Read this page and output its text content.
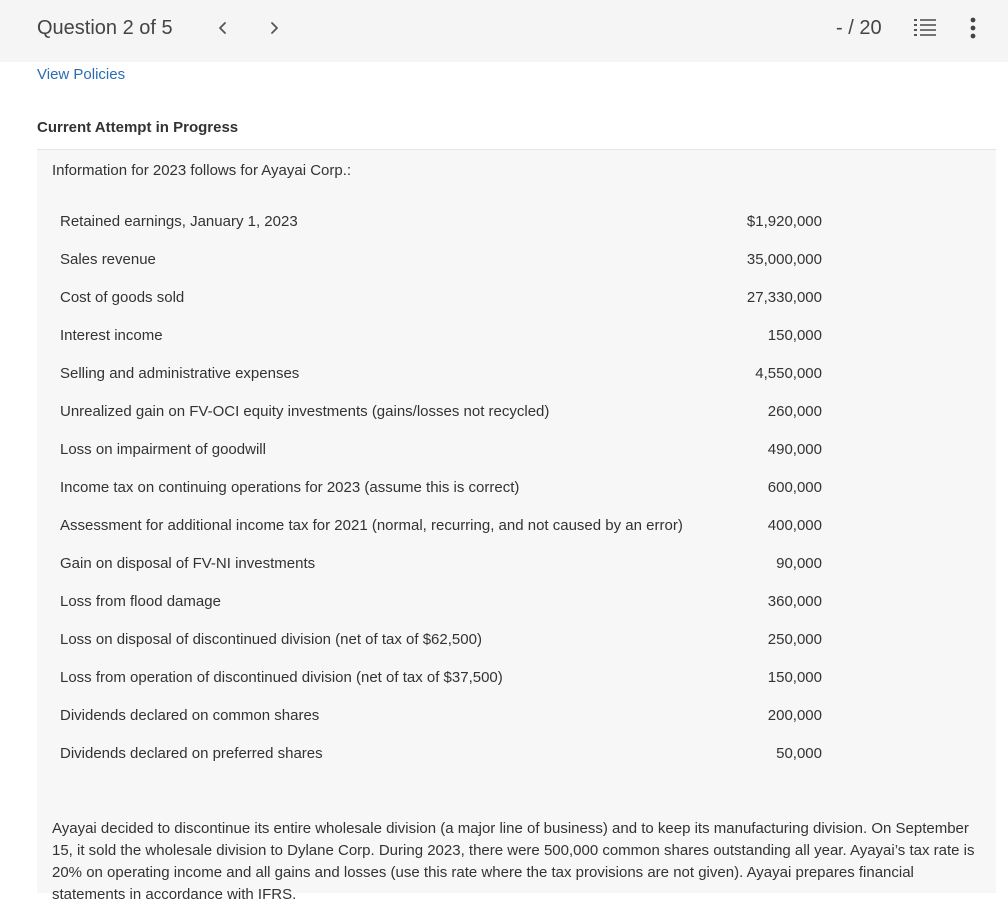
Question 2 of 5	- / 20
View Policies
Current Attempt in Progress
Information for 2023 follows for Ayayai Corp.:
Retained earnings, January 1, 2023	$1,920,000
Sales revenue	35,000,000
Cost of goods sold	27,330,000
Interest income	150,000
Selling and administrative expenses	4,550,000
Unrealized gain on FV-OCI equity investments (gains/losses not recycled)	260,000
Loss on impairment of goodwill	490,000
Income tax on continuing operations for 2023 (assume this is correct)	600,000
Assessment for additional income tax for 2021 (normal, recurring, and not caused by an error)	400,000
Gain on disposal of FV-NI investments	90,000
Loss from flood damage	360,000
Loss on disposal of discontinued division (net of tax of $62,500)	250,000
Loss from operation of discontinued division (net of tax of $37,500)	150,000
Dividends declared on common shares	200,000
Dividends declared on preferred shares	50,000
Ayayai decided to discontinue its entire wholesale division (a major line of business) and to keep its manufacturing division. On September 15, it sold the wholesale division to Dylane Corp. During 2023, there were 500,000 common shares outstanding all year. Ayayai’s tax rate is 20% on operating income and all gains and losses (use this rate where the tax provisions are not given). Ayayai prepares financial statements in accordance with IFRS.
